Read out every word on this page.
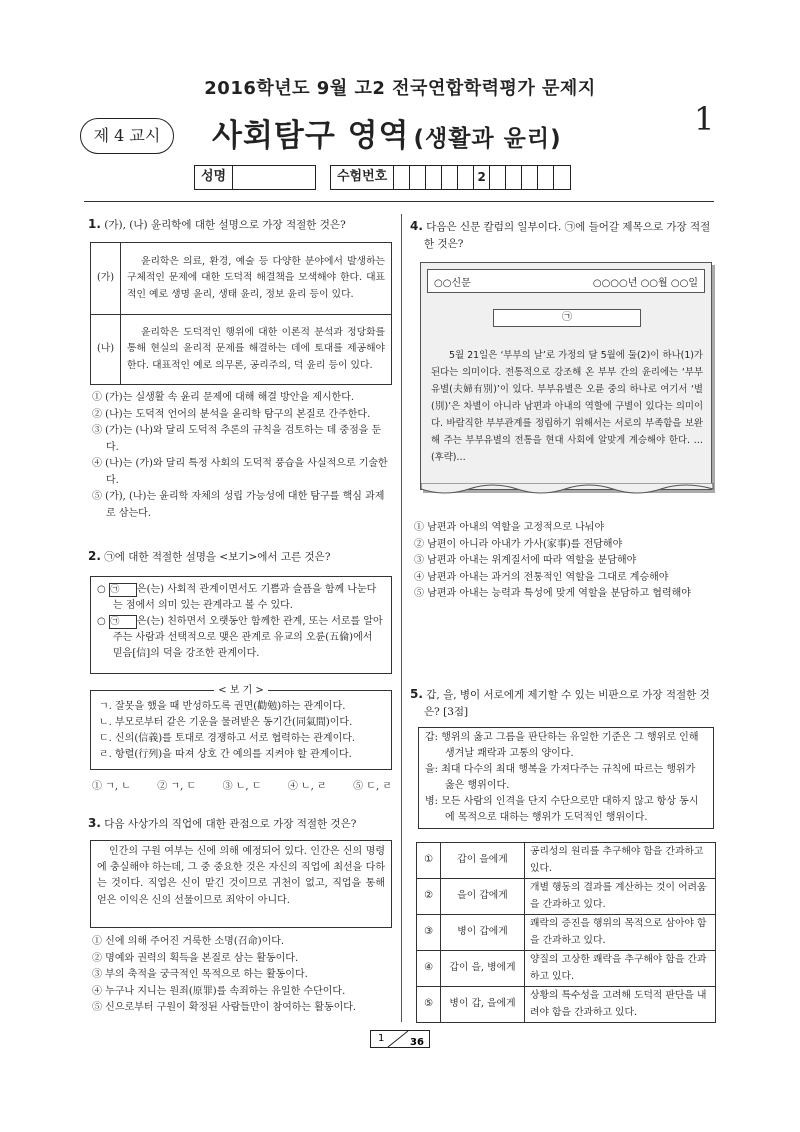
2016학년도 9월 고2 전국연합학력평가 문제지
제 4 교시	사회탐구 영역 (생활과 윤리)
1
성명	수험번호	2
1. (가), (나) 윤리학에 대한 설명으로 가장 적절한 것은?
(가)	윤리학은 의료, 환경, 예술 등 다양한 분야에서 발생하는 구체적인 문제에 대한 도덕적 해결책을 모색해야 한다. 대표적인 예로 생명 윤리, 생태 윤리, 정보 윤리 등이 있다.
(나)	윤리학은 도덕적인 행위에 대한 이론적 분석과 정당화를 통해 현실의 윤리적 문제를 해결하는 데에 토대를 제공해야 한다. 대표적인 예로 의무론, 공리주의, 덕 윤리 등이 있다.
① (가)는 실생활 속 윤리 문제에 대해 해결 방안을 제시한다.
② (나)는 도덕적 언어의 분석을 윤리학 탐구의 본질로 간주한다.
③ (가)는 (나)와 달리 도덕적 추론의 규칙을 검토하는 데 중점을 둔다.
④ (나)는 (가)와 달리 특정 사회의 도덕적 풍습을 사실적으로 기술한다.
⑤ (가), (나)는 윤리학 자체의 성립 가능성에 대한 탐구를 핵심 과제로 삼는다.
2. ㉠에 대한 적절한 설명을 <보기>에서 고른 것은?
○ ㉠ 은(는) 사회적 관계이면서도 기쁨과 슬픔을 함께 나눈다는 점에서 의미 있는 관계라고 볼 수 있다.
○ ㉠ 은(는) 친하면서 오랫동안 함께한 관계, 또는 서로를 알아주는 사람과 선택적으로 맺은 관계로 유교의 오륜(五倫)에서 믿음[信]의 덕을 강조한 관계이다.
< 보 기 >
ㄱ. 잘못을 했을 때 반성하도록 권면(勸勉)하는 관계이다.
ㄴ. 부모로부터 같은 기운을 물려받은 동기간(同氣間)이다.
ㄷ. 신의(信義)를 토대로 경쟁하고 서로 협력하는 관계이다.
ㄹ. 항렬(行列)을 따져 상호 간 예의를 지켜야 할 관계이다.
① ㄱ, ㄴ	② ㄱ, ㄷ	③ ㄴ, ㄷ	④ ㄴ, ㄹ	⑤ ㄷ, ㄹ
3. 다음 사상가의 직업에 대한 관점으로 가장 적절한 것은?
인간의 구원 여부는 신에 의해 예정되어 있다. 인간은 신의 명령에 충실해야 하는데, 그 중 중요한 것은 자신의 직업에 최선을 다하는 것이다. 직업은 신이 맡긴 것이므로 귀천이 없고, 직업을 통해 얻은 이익은 신의 선물이므로 죄악이 아니다.
① 신에 의해 주어진 거룩한 소명(召命)이다.
② 명예와 권력의 획득을 본질로 삼는 활동이다.
③ 부의 축적을 궁극적인 목적으로 하는 활동이다.
④ 누구나 지니는 원죄(原罪)를 속죄하는 유일한 수단이다.
⑤ 신으로부터 구원이 확정된 사람들만이 참여하는 활동이다.
4. 다음은 신문 칼럼의 일부이다. ㉠에 들어갈 제목으로 가장 적절한 것은?
○○신문	○○○○년 ○○월 ○○일
㉠
5월 21일은 ‘부부의 날’로 가정의 달 5월에 둘(2)이 하나(1)가 된다는 의미이다. 전통적으로 강조해 온 부부 간의 윤리에는 ‘부부유별(夫婦有別)’이 있다. 부부유별은 오륜 중의 하나로 여기서 ‘별(別)’은 차별이 아니라 남편과 아내의 역할에 구별이 있다는 의미이다. 바람직한 부부관계를 정립하기 위해서는 서로의 부족함을 보완해 주는 부부유별의 전통을 현대 사회에 알맞게 계승해야 한다. …(후략)…
① 남편과 아내의 역할을 고정적으로 나눠야
② 남편이 아니라 아내가 가사(家事)를 전담해야
③ 남편과 아내는 위계질서에 따라 역할을 분담해야
④ 남편과 아내는 과거의 전통적인 역할을 그대로 계승해야
⑤ 남편과 아내는 능력과 특성에 맞게 역할을 분담하고 협력해야
5. 갑, 을, 병이 서로에게 제기할 수 있는 비판으로 가장 적절한 것은? [3점]
갑: 행위의 옳고 그름을 판단하는 유일한 기준은 그 행위로 인해 생겨날 쾌락과 고통의 양이다.
을: 최대 다수의 최대 행복을 가져다주는 규칙에 따르는 행위가 옳은 행위이다.
병: 모든 사람의 인격을 단지 수단으로만 대하지 않고 항상 동시에 목적으로 대하는 행위가 도덕적인 행위이다.
①	갑이 을에게	공리성의 원리를 추구해야 함을 간과하고 있다.
②	을이 갑에게	개별 행동의 결과를 계산하는 것이 어려움을 간과하고 있다.
③	병이 갑에게	쾌락의 증진을 행위의 목적으로 삼아야 함을 간과하고 있다.
④	갑이 을, 병에게	양질의 고상한 쾌락을 추구해야 함을 간과하고 있다.
⑤	병이 갑, 을에게	상황의 특수성을 고려해 도덕적 판단을 내려야 함을 간과하고 있다.
1	36
